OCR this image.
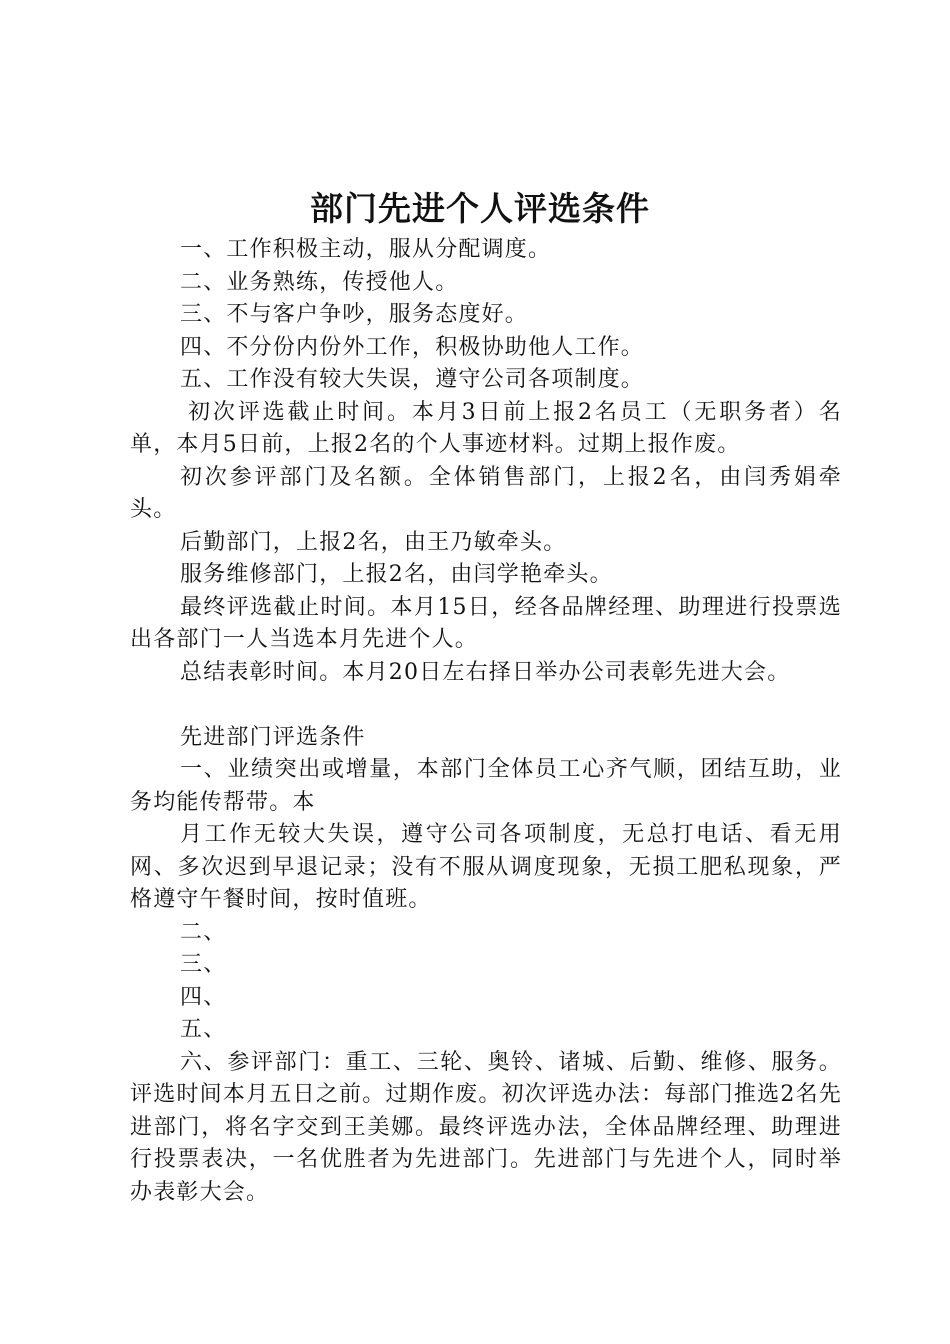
部门先进个人评选条件

一、工作积极主动，服从分配调度。

二、业务熟练，传授他人。

三、不与客户争吵，服务态度好。

四、不分份内份外工作，积极协助他人工作。

五、工作没有较大失误，遵守公司各项制度。

初次评选截止时间。本月3日前上报2名员工（无职务者）名单，本月5日前，上报2名的个人事迹材料。过期上报作废。

初次参评部门及名额。全体销售部门，上报2名，由闫秀娟牵头。

后勤部门，上报2名，由王乃敏牵头。

服务维修部门，上报2名，由闫学艳牵头。

最终评选截止时间。本月15日，经各品牌经理、助理进行投票选出各部门一人当选本月先进个人。

总结表彰时间。本月20日左右择日举办公司表彰先进大会。

先进部门评选条件

一、业绩突出或增量，本部门全体员工心齐气顺，团结互助，业务均能传帮带。本

月工作无较大失误，遵守公司各项制度，无总打电话、看无用网、多次迟到早退记录；没有不服从调度现象，无损工肥私现象，严格遵守午餐时间，按时值班。

二、

三、

四、

五、

六、参评部门：重工、三轮、奥铃、诸城、后勤、维修、服务。评选时间本月五日之前。过期作废。初次评选办法：每部门推选2名先进部门，将名字交到王美娜。最终评选办法，全体品牌经理、助理进行投票表决，一名优胜者为先进部门。先进部门与先进个人，同时举办表彰大会。
